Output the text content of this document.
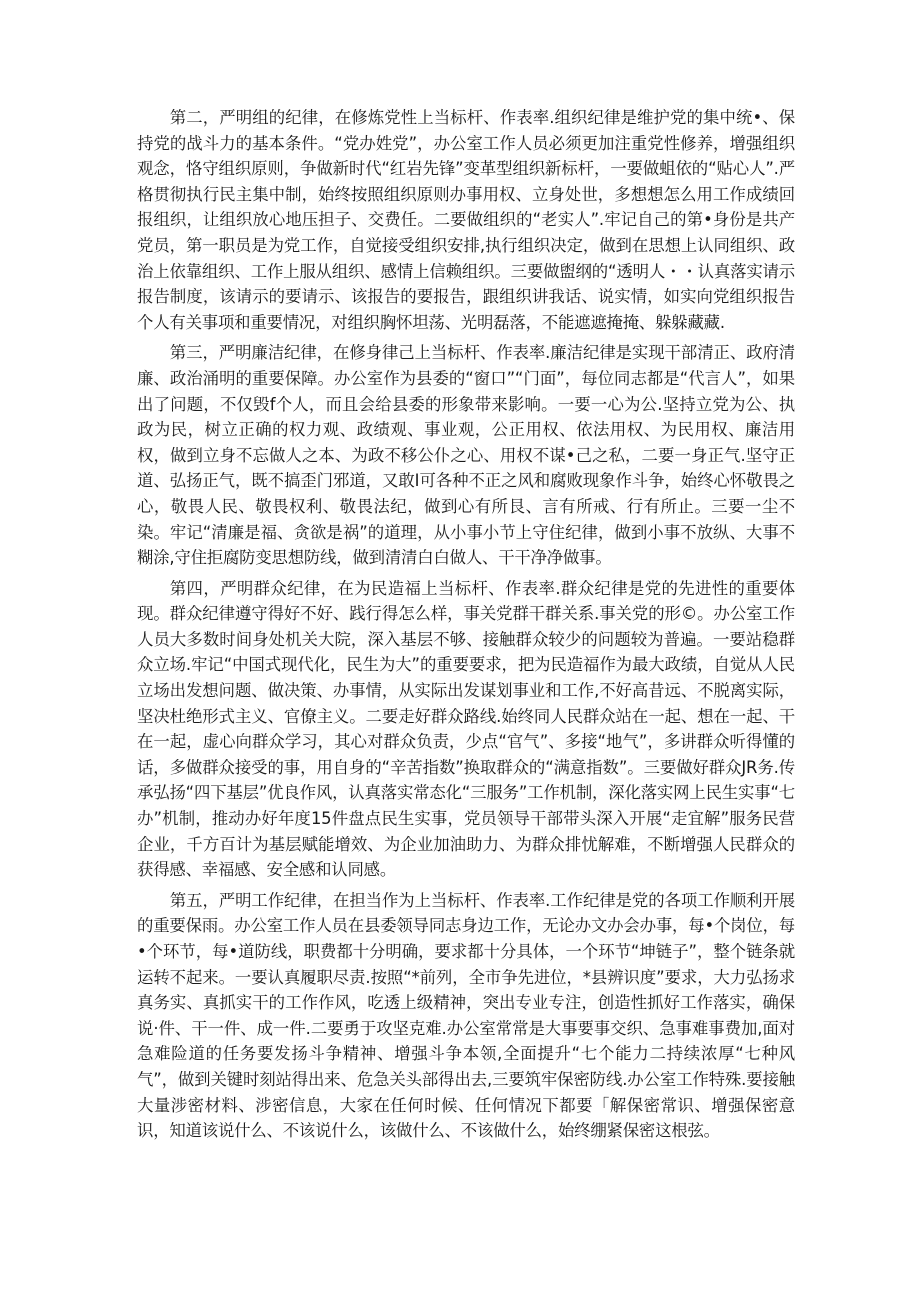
第二，严明组的纪律，在修炼党性上当标杆、作表率.组织纪律是维护党的集中统•、保持党的战斗力的基本条件。“党办姓党”，办公室工作人员必须更加注重党性修养，增强组织观念，恪守组织原则，争做新时代“红岩先锋”变革型组织新标杆，一要做蛆依的“贴心人”.严格贯彻执行民主集中制，始终按照组织原则办事用权、立身处世，多想想怎么用工作成绩回报组织，让组织放心地压担子、交费任。二要做组织的“老实人”.牢记自己的第•身份是共产党员，第一职员是为党工作，自觉接受组织安排,执行组织决定，做到在思想上认同组织、政治上依靠组织、工作上服从组织、感情上信赖组织。三要做盥纲的“透明人・・认真落实请示报告制度，该请示的要请示、该报告的要报告，跟组织讲我话、说实情，如实向党组织报告个人有关事项和重要情况，对组织胸怀坦荡、光明磊落，不能遮遮掩掩、躲躲藏藏.

第三，严明廉洁纪律，在修身律己上当标杆、作表率.廉洁纪律是实现干部清正、政府清廉、政治涌明的重要保障。办公室作为县委的“窗口”“门面”，每位同志都是“代言人”，如果出了问题，不仅毁f个人，而且会给县委的形象带来影响。一要一心为公.坚持立党为公、执政为民，树立正确的权力观、政绩观、事业观，公正用权、依法用权、为民用权、廉洁用权，做到立身不忘做人之本、为政不移公仆之心、用权不谋•己之私，二要一身正气.坚守正道、弘扬正气，既不搞歪门邪道，又敢I可各种不正之风和腐败现象作斗争，始终心怀敬畏之心，敬畏人民、敬畏权利、敬畏法纪，做到心有所艮、言有所戒、行有所止。三要一尘不染。牢记“清廉是福、贪欲是祸”的道理，从小事小节上守住纪律，做到小事不放纵、大事不糊涂,守住拒腐防变思想防线，做到清清白白做人、干干净净做事。

第四，严明群众纪律，在为民造福上当标杆、作表率.群众纪律是党的先进性的重要体现。群众纪律遵守得好不好、践行得怎么样，事关党群干群关系.事关党的形©。办公室工作人员大多数时间身处机关大院，深入基层不够、接触群众较少的问题较为普遍。一要站稳群众立场.牢记“中国式现代化，民生为大”的重要要求，把为民造福作为最大政绩，自觉从人民立场出发想问题、做决策、办事情，从实际出发谋划事业和工作,不好高昔远、不脱离实际，坚决杜绝形式主义、官僚主义。二要走好群众路线.始终同人民群众站在一起、想在一起、干在一起，虚心向群众学习，其心对群众负责，少点“官气”、多接“地气”，多讲群众听得懂的话，多做群众接受的事，用自身的“辛苦指数”换取群众的“满意指数”。三要做好群众JR务.传承弘扬“四下基层”优良作风，认真落实常态化“三服务”工作机制，深化落实网上民生实事“七办”机制，推动办好年度15件盘点民生实事，党员领导干部带头深入开展“走宜解”服务民营企业，千方百计为基层赋能增效、为企业加油助力、为群众排忧解难，不断增强人民群众的获得感、幸福感、安全感和认同感。

第五，严明工作纪律，在担当作为上当标杆、作表率.工作纪律是党的各项工作顺利开展的重要保雨。办公室工作人员在县委领导同志身边工作，无论办文办会办事，每•个岗位，每•个环节，每•道防线，职费都十分明确，要求都十分具体，一个环节“坤链子”，整个链条就运转不起来。一要认真履职尽责.按照“*前列，全市争先进位，*县辨识度”要求，大力弘扬求真务实、真抓实干的工作作风，吃透上级精神，突出专业专注，创造性抓好工作落实，确保说·件、干一件、成一件.二要勇于攻坚克难.办公室常常是大事要事交织、急事难事费加,面对急难险道的任务要发扬斗争精神、增强斗争本领,全面提升“七个能力二持续浓厚“七种风气”，做到关键时刻站得出来、危急关头部得出去,三要筑牢保密防线.办公室工作特殊.要接触大量涉密材料、涉密信息，大家在任何时候、任何情况下都要「解保密常识、增强保密意识，知道该说什么、不该说什么，该做什么、不该做什么，始终绷紧保密这根弦。
